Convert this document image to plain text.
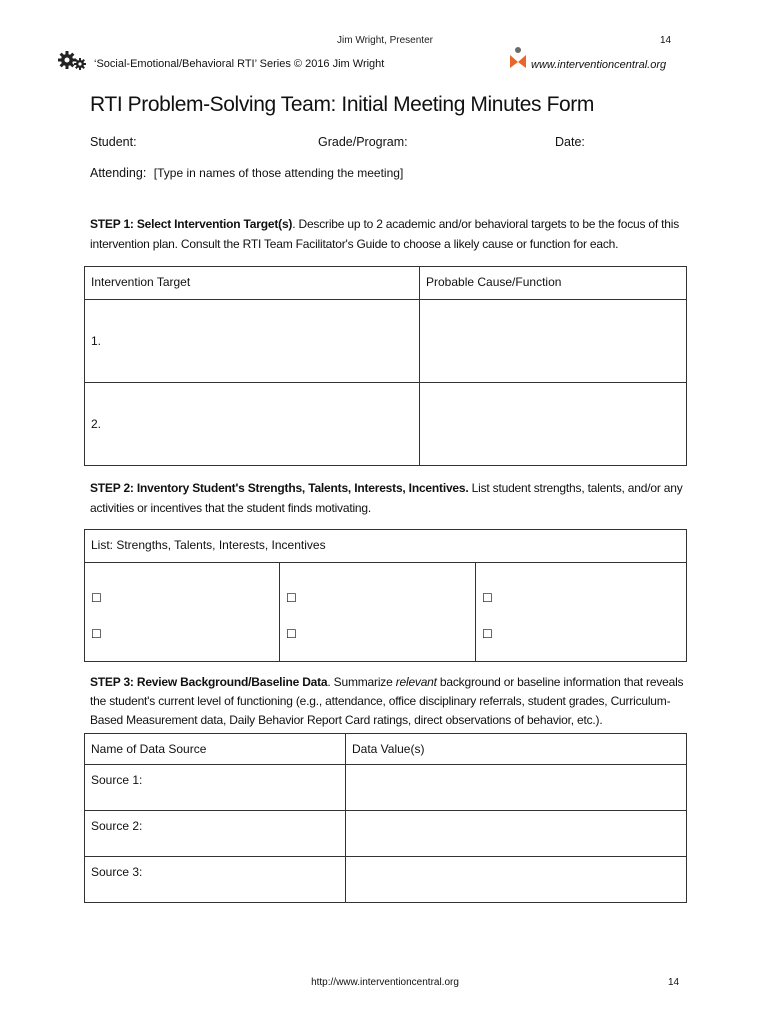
Jim Wright, Presenter	14
‘Social-Emotional/Behavioral RTI’ Series © 2016 Jim Wright	www.interventioncentral.org
RTI Problem-Solving Team: Initial Meeting Minutes Form
Student:	Grade/Program:	Date:
Attending: [Type in names of those attending the meeting]
STEP 1: Select Intervention Target(s). Describe up to 2 academic and/or behavioral targets to be the focus of this intervention plan. Consult the RTI Team Facilitator's Guide to choose a likely cause or function for each.
Intervention Target	Probable Cause/Function
1.	
2.	
STEP 2: Inventory Student's Strengths, Talents, Interests, Incentives. List student strengths, talents, and/or any activities or incentives that the student finds motivating.
List: Strengths, Talents, Interests, Incentives

☐
☐

☐
☐

☐
☐
STEP 3: Review Background/Baseline Data. Summarize relevant background or baseline information that reveals the student's current level of functioning (e.g., attendance, office disciplinary referrals, student grades, Curriculum-Based Measurement data, Daily Behavior Report Card ratings, direct observations of behavior, etc.).
Name of Data Source	Data Value(s)
Source 1:	
Source 2:	
Source 3:	
http://www.interventioncentral.org	14
